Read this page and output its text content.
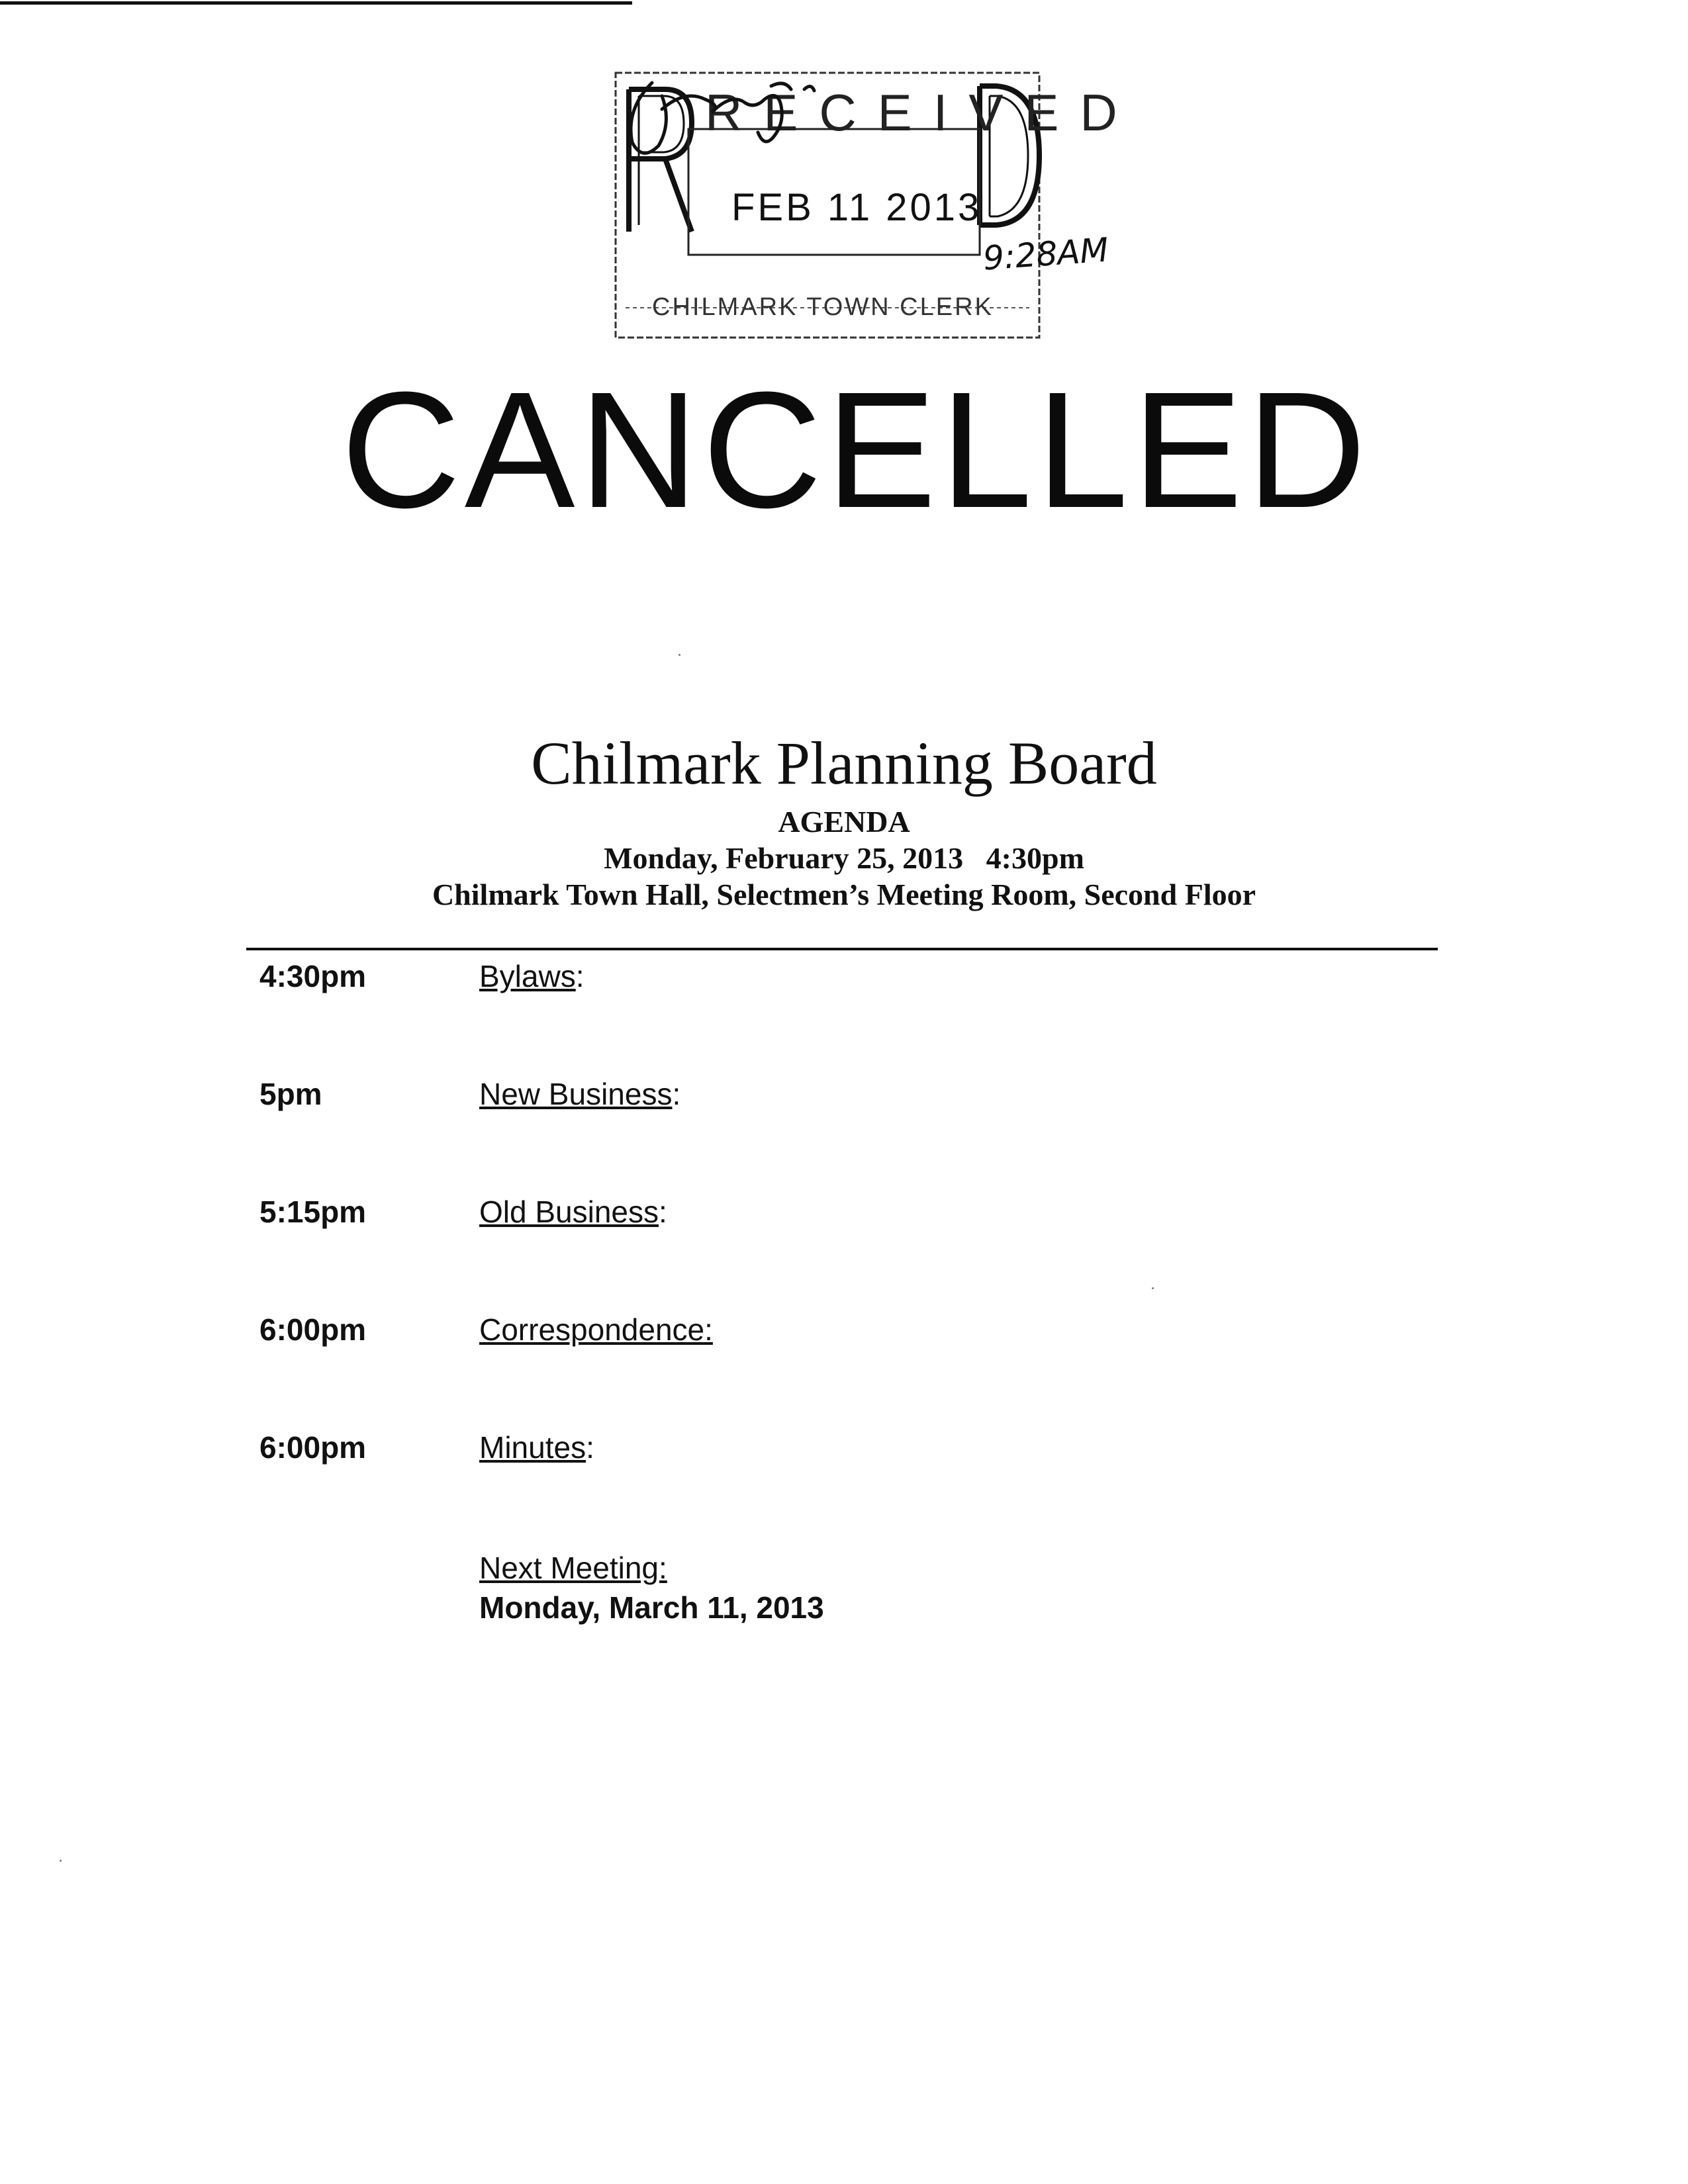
RECEIVED
FEB 11 2013
9:28AM
CHILMARK TOWN CLERK
CANCELLED
Chilmark Planning Board
AGENDA
Monday, February 25, 2013   4:30pm
Chilmark Town Hall, Selectmen’s Meeting Room, Second Floor
4:30pm	Bylaws:
5pm	New Business:
5:15pm	Old Business:
6:00pm	Correspondence:
6:00pm	Minutes:
Next Meeting:
Monday, March 11, 2013
